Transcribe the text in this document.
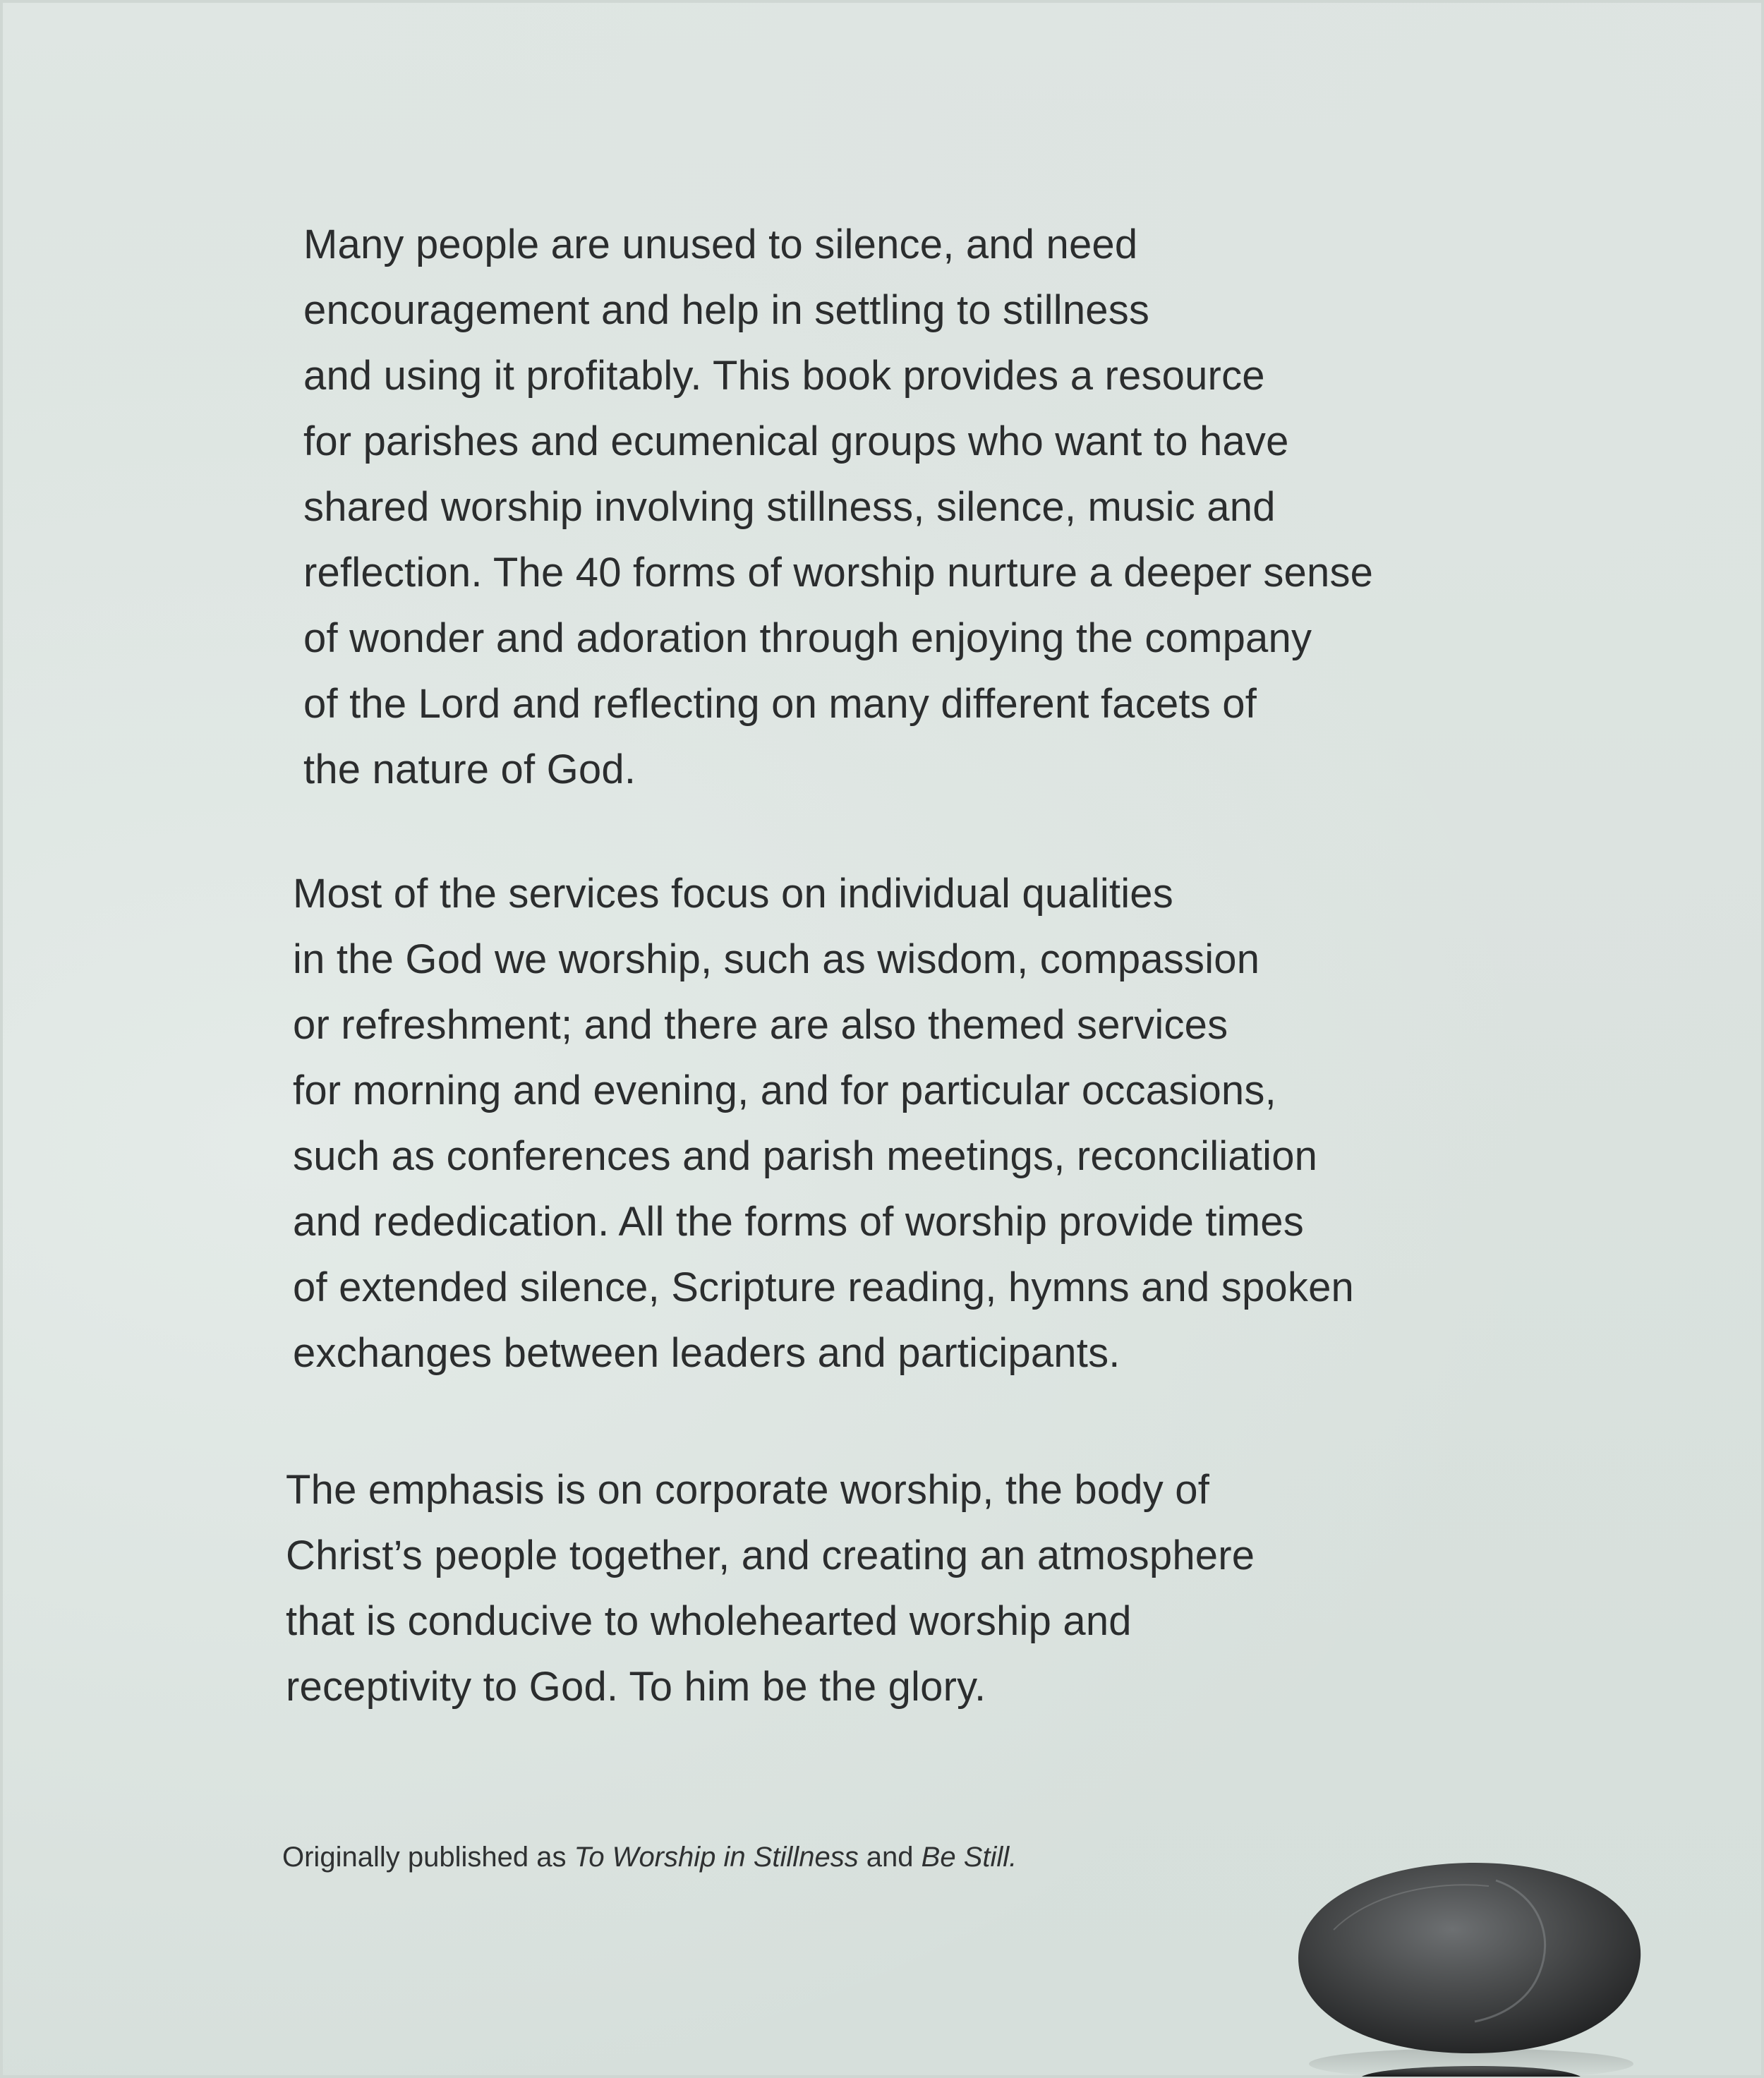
Many people are unused to silence, and need
encouragement and help in settling to stillness
and using it profitably. This book provides a resource
for parishes and ecumenical groups who want to have
shared worship involving stillness, silence, music and
reflection. The 40 forms of worship nurture a deeper sense
of wonder and adoration through enjoying the company
of the Lord and reflecting on many different facets of
the nature of God.

Most of the services focus on individual qualities
in the God we worship, such as wisdom, compassion
or refreshment; and there are also themed services
for morning and evening, and for particular occasions,
such as conferences and parish meetings, reconciliation
and rededication. All the forms of worship provide times
of extended silence, Scripture reading, hymns and spoken
exchanges between leaders and participants.

The emphasis is on corporate worship, the body of
Christ’s people together, and creating an atmosphere
that is conducive to wholehearted worship and
receptivity to God. To him be the glory.

Originally published as To Worship in Stillness and Be Still.
